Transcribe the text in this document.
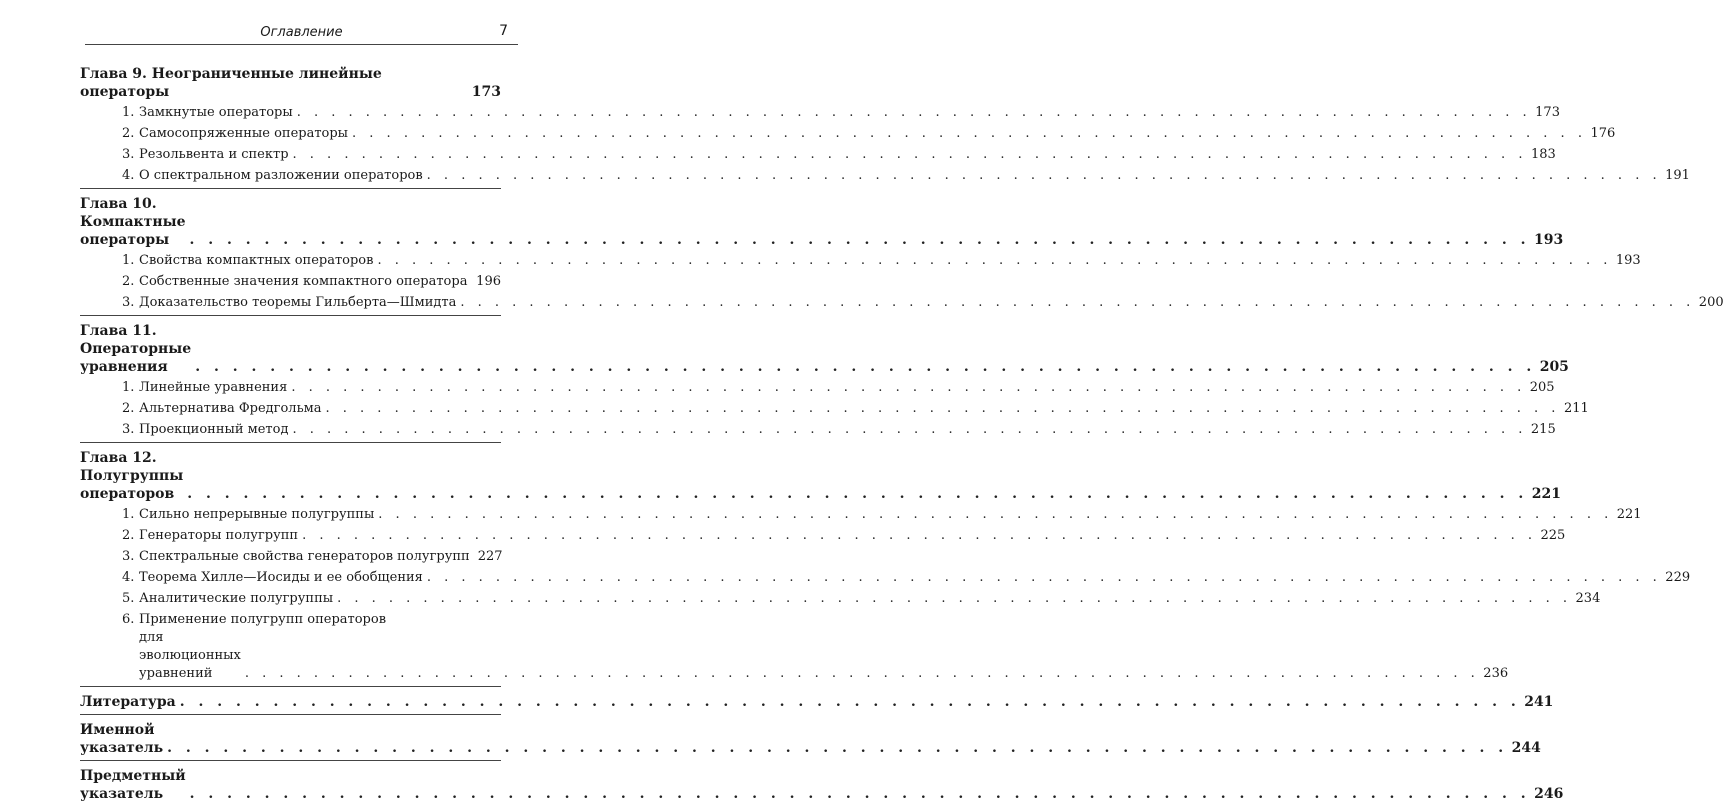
Оглавление	7
Глава 9. Неограниченные линейные операторы	173
1. Замкнутые операторы . . . . . . . . . . . . . . . . . . . . . . . . . . . . . . . . . . . . . . . . . . . . . . . . . . . . . . . . . . . . . . . . . . . . . . . . 173
2. Самосопряженные операторы . . . . . . . . . . . . . . . . . . . . . . . . . . . . . . . . . . . . . . . . . . . . . . . . . . . . . . . . . . . . . . . . . . . . . . . . 176
3. Резольвента и спектр . . . . . . . . . . . . . . . . . . . . . . . . . . . . . . . . . . . . . . . . . . . . . . . . . . . . . . . . . . . . . . . . . . . . . . . . 183
4. О спектральном разложении операторов . . . . . . . . . . . . . . . . . . . . . . . . . . . . . . . . . . . . . . . . . . . . . . . . . . . . . . . . . . . . . . . . . . . . . . . . 191
Глава 10. Компактные операторы	. . . . . . . . . . . . . . . . . . . . . . . . . . . . . . . . . . . . . . . . . . . . . . . . . . . . . . . . . . . . . . . . . . . . . . . . 193
1. Свойства компактных операторов . . . . . . . . . . . . . . . . . . . . . . . . . . . . . . . . . . . . . . . . . . . . . . . . . . . . . . . . . . . . . . . . . . . . . . . . 193
2. Собственные значения компактного оператора 196
3. Доказательство теоремы Гильберта—Шмидта . . . . . . . . . . . . . . . . . . . . . . . . . . . . . . . . . . . . . . . . . . . . . . . . . . . . . . . . . . . . . . . . . . . . . . . . 200
Глава 11. Операторные уравнения	. . . . . . . . . . . . . . . . . . . . . . . . . . . . . . . . . . . . . . . . . . . . . . . . . . . . . . . . . . . . . . . . . . . . . . . . 205
1. Линейные уравнения . . . . . . . . . . . . . . . . . . . . . . . . . . . . . . . . . . . . . . . . . . . . . . . . . . . . . . . . . . . . . . . . . . . . . . . . 205
2. Альтернатива Фредгольма . . . . . . . . . . . . . . . . . . . . . . . . . . . . . . . . . . . . . . . . . . . . . . . . . . . . . . . . . . . . . . . . . . . . . . . . 211
3. Проекционный метод . . . . . . . . . . . . . . . . . . . . . . . . . . . . . . . . . . . . . . . . . . . . . . . . . . . . . . . . . . . . . . . . . . . . . . . . 215
Глава 12. Полугруппы операторов . . . . . . . . . . . . . . . . . . . . . . . . . . . . . . . . . . . . . . . . . . . . . . . . . . . . . . . . . . . . . . . . . . . . . . . . 221
1. Сильно непрерывные полугруппы . . . . . . . . . . . . . . . . . . . . . . . . . . . . . . . . . . . . . . . . . . . . . . . . . . . . . . . . . . . . . . . . . . . . . . . . 221
2. Генераторы полугрупп . . . . . . . . . . . . . . . . . . . . . . . . . . . . . . . . . . . . . . . . . . . . . . . . . . . . . . . . . . . . . . . . . . . . . . . . 225
3. Спектральные свойства генераторов полугрупп 227
4. Теорема Хилле—Иосиды и ее обобщения . . . . . . . . . . . . . . . . . . . . . . . . . . . . . . . . . . . . . . . . . . . . . . . . . . . . . . . . . . . . . . . . . . . . . . . . 229
5. Аналитические полугруппы . . . . . . . . . . . . . . . . . . . . . . . . . . . . . . . . . . . . . . . . . . . . . . . . . . . . . . . . . . . . . . . . . . . . . . . . 234
6. Применение полугрупп операторов
для эволюционных уравнений	. . . . . . . . . . . . . . . . . . . . . . . . . . . . . . . . . . . . . . . . . . . . . . . . . . . . . . . . . . . . . . . . . . . . . . . . 236
Литература . . . . . . . . . . . . . . . . . . . . . . . . . . . . . . . . . . . . . . . . . . . . . . . . . . . . . . . . . . . . . . . . . . . . . . . . 241
Именной указатель . . . . . . . . . . . . . . . . . . . . . . . . . . . . . . . . . . . . . . . . . . . . . . . . . . . . . . . . . . . . . . . . . . . . . . . . 244
Предметный указатель	. . . . . . . . . . . . . . . . . . . . . . . . . . . . . . . . . . . . . . . . . . . . . . . . . . . . . . . . . . . . . . . . . . . . . . . . 246
